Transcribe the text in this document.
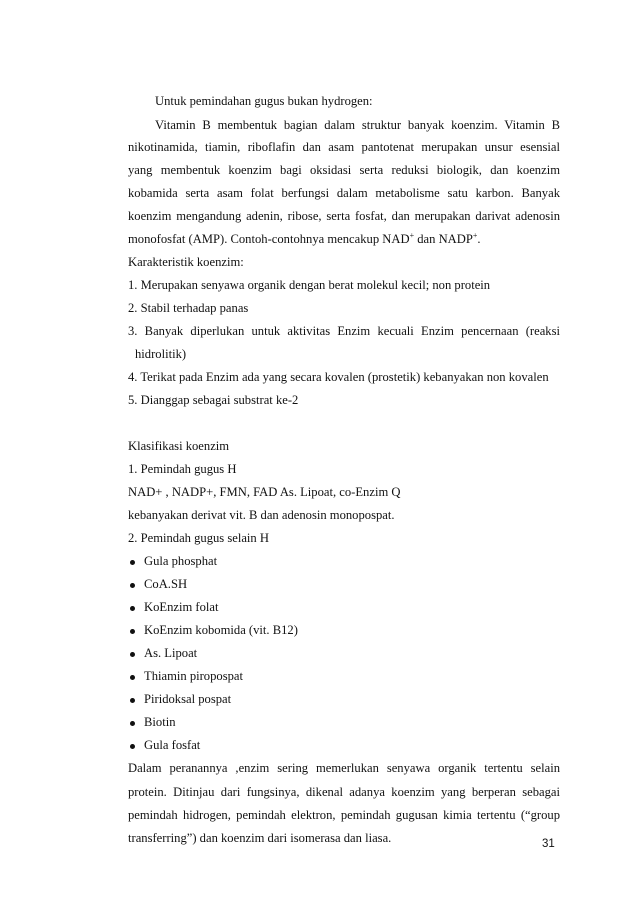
Untuk pemindahan gugus bukan hydrogen:
Vitamin B membentuk bagian dalam struktur banyak koenzim. Vitamin B
nikotinamida, tiamin, riboflafin dan asam pantotenat merupakan unsur esensial
yang membentuk koenzim bagi oksidasi serta reduksi biologik, dan koenzim
kobamida serta asam folat berfungsi dalam metabolisme satu karbon. Banyak
koenzim mengandung adenin, ribose, serta fosfat, dan merupakan darivat adenosin
monofosfat (AMP). Contoh-contohnya mencakup NAD+ dan NADP+.
Karakteristik koenzim:
1. Merupakan senyawa organik dengan berat molekul kecil; non protein
2. Stabil terhadap panas
3. Banyak diperlukan untuk aktivitas Enzim kecuali Enzim pencernaan (reaksi
hidrolitik)
4. Terikat pada Enzim ada yang secara kovalen (prostetik) kebanyakan non kovalen
5. Dianggap sebagai substrat ke-2
Klasifikasi koenzim
1. Pemindah gugus H
NAD+ , NADP+, FMN, FAD As. Lipoat, co-Enzim Q
kebanyakan derivat vit. B dan adenosin monopospat.
2. Pemindah gugus selain H
Gula phosphat
CoA.SH
KoEnzim folat
KoEnzim kobomida (vit. B12)
As. Lipoat
Thiamin piropospat
Piridoksal pospat
Biotin
Gula fosfat
Dalam peranannya ,enzim sering memerlukan senyawa organik tertentu selain
protein. Ditinjau dari fungsinya, dikenal adanya koenzim yang berperan sebagai
pemindah hidrogen, pemindah elektron, pemindah gugusan kimia tertentu (“group
transferring”) dan koenzim dari isomerasa dan liasa.	31
